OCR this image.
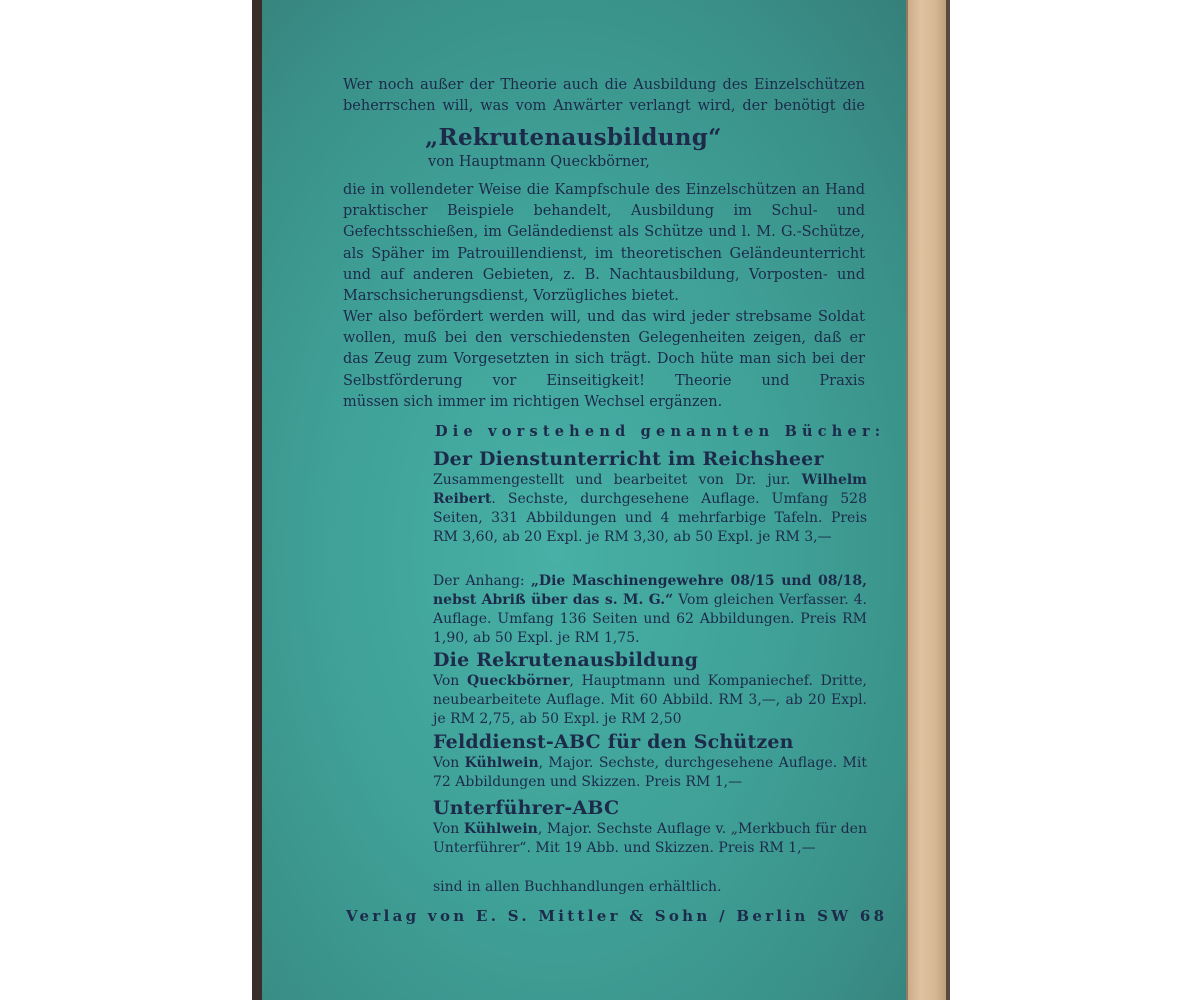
Wer noch außer der Theorie auch die Ausbildung des Einzelschützen
beherrschen will, was vom Anwärter verlangt wird, der benötigt die
„Rekrutenausbildung“
von Hauptmann Queckbörner,
die in vollendeter Weise die Kampfschule des Einzelschützen an Hand praktischer Beispiele behandelt, Ausbildung im Schul- und Gefechtsschießen, im Geländedienst als Schütze und l. M. G.-Schütze, als Späher im Patrouillendienst, im theoretischen Geländeunterricht und auf anderen Gebieten, z. B. Nachtausbildung, Vorposten- und
Marschsicherungsdienst, Vorzügliches bietet.
Wer also befördert werden will, und das wird jeder strebsame Soldat wollen, muß bei den verschiedensten Gelegenheiten zeigen, daß er das Zeug zum Vorgesetzten in sich trägt. Doch hüte man sich bei der Selbstförderung vor Einseitigkeit! Theorie und Praxis
müssen sich immer im richtigen Wechsel ergänzen.
Die vorstehend genannten Bücher:
Der Dienstunterricht im Reichsheer
Zusammengestellt und bearbeitet von Dr. jur. Wilhelm Reibert. Sechste, durchgesehene Auflage. Umfang 528 Seiten, 331 Abbildungen und 4 mehrfarbige Tafeln. Preis RM 3,60, ab 20 Expl. je RM 3,30, ab 50 Expl. je RM 3,—
Der Anhang: „Die Maschinengewehre 08/15 und 08/18, nebst Abriß über das s. M. G.“ Vom gleichen Verfasser. 4. Auflage. Umfang 136 Seiten und 62 Abbildungen. Preis RM 1,90, ab 50 Expl. je RM 1,75.
Die Rekrutenausbildung
Von Queckbörner, Hauptmann und Kompaniechef. Dritte, neubearbeitete Auflage. Mit 60 Abbild. RM 3,—, ab 20 Expl. je RM 2,75, ab 50 Expl. je RM 2,50
Felddienst-ABC für den Schützen
Von Kühlwein, Major. Sechste, durchgesehene Auflage. Mit 72 Abbildungen und Skizzen. Preis RM 1,—
Unterführer-ABC
Von Kühlwein, Major. Sechste Auflage v. „Merkbuch für den Unterführer“. Mit 19 Abb. und Skizzen. Preis RM 1,—
sind in allen Buchhandlungen erhältlich.
Verlag von E. S. Mittler & Sohn / Berlin SW 68
